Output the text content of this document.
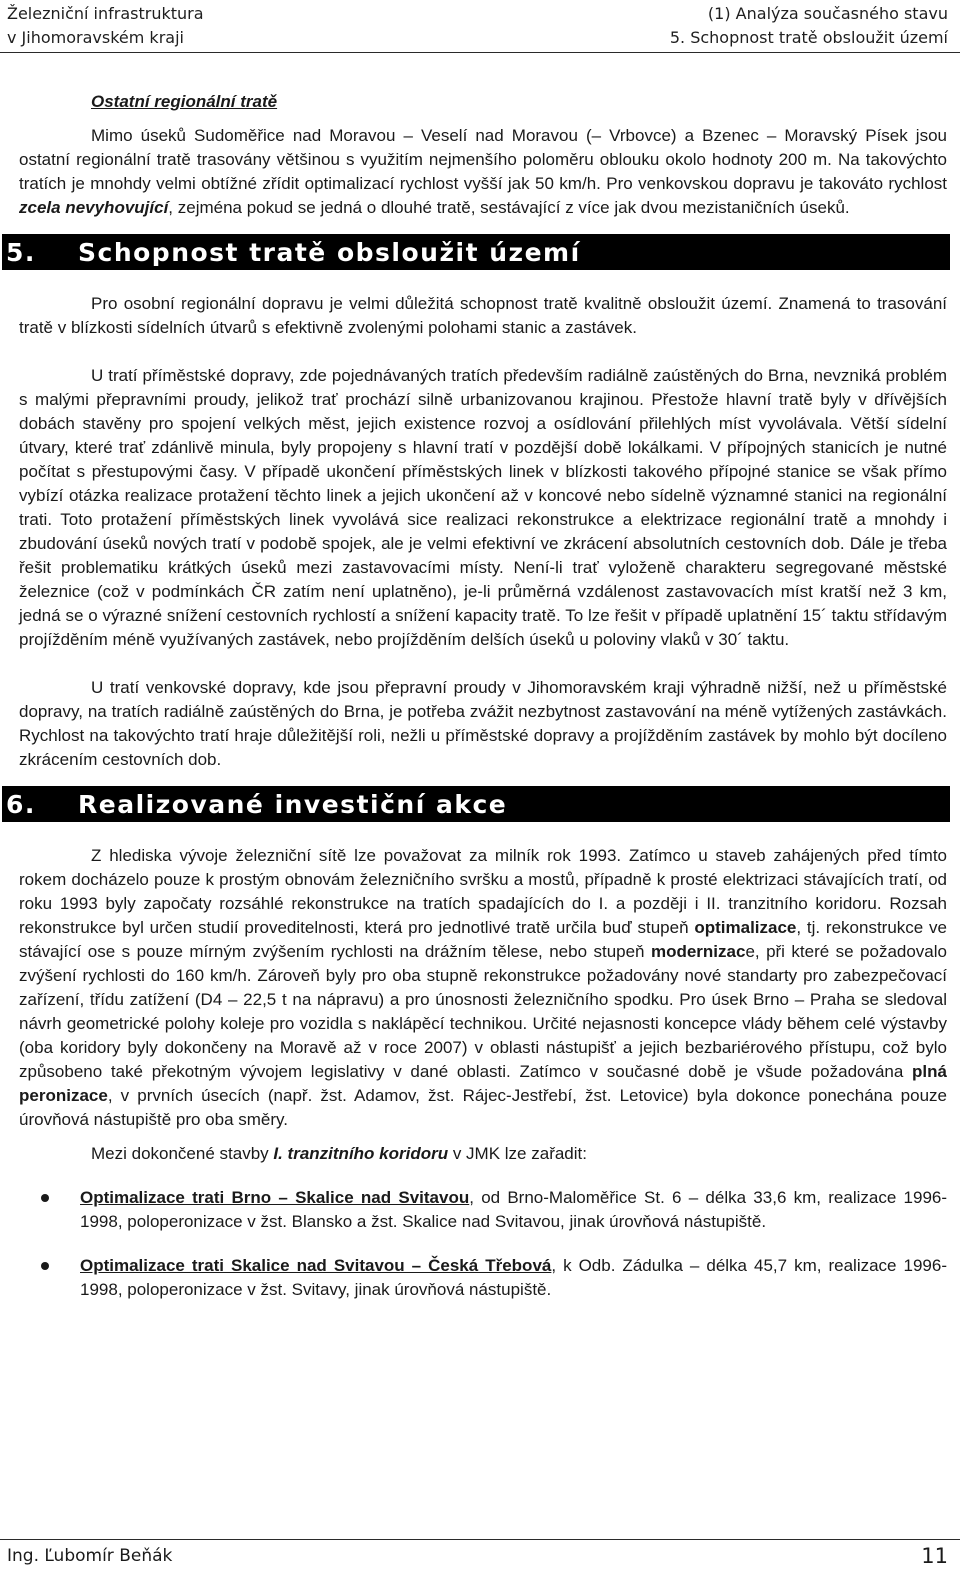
Železniční infrastruktura
v Jihomoravském kraji
(1) Analýza současného stavu
5. Schopnost tratě obsloužit území
Ostatní regionální tratě

Mimo úseků Sudoměřice nad Moravou – Veselí nad Moravou (– Vrbovce) a Bzenec – Moravský Písek jsou ostatní regionální tratě trasovány většinou s využitím nejmenšího poloměru oblouku okolo hodnoty 200 m. Na takovýchto tratích je mnohdy velmi obtížné zřídit optimalizací rychlost vyšší jak 50 km/h. Pro venkovskou dopravu je takováto rychlost zcela nevyhovující, zejména pokud se jedná o dlouhé tratě, sestávající z více jak dvou mezistaničních úseků.

5.	Schopnost tratě obsloužit území

Pro osobní regionální dopravu je velmi důležitá schopnost tratě kvalitně obsloužit území. Znamená to trasování tratě v blízkosti sídelních útvarů s efektivně zvolenými polohami stanic a zastávek.

U tratí příměstské dopravy, zde pojednávaných tratích především radiálně zaústěných do Brna, nevzniká problém s malými přepravními proudy, jelikož trať prochází silně urbanizovanou krajinou. Přestože hlavní tratě byly v dřívějších dobách stavěny pro spojení velkých měst, jejich existence rozvoj a osídlování přilehlých míst vyvolávala. Větší sídelní útvary, které trať zdánlivě minula, byly propojeny s hlavní tratí v pozdější době lokálkami. V přípojných stanicích je nutné počítat s přestupovými časy. V případě ukončení příměstských linek v blízkosti takového přípojné stanice se však přímo vybízí otázka realizace protažení těchto linek a jejich ukončení až v koncové nebo sídelně významné stanici na regionální trati. Toto protažení příměstských linek vyvolává sice realizaci rekonstrukce a elektrizace regionální tratě a mnohdy i zbudování úseků nových tratí v podobě spojek, ale je velmi efektivní ve zkrácení absolutních cestovních dob. Dále je třeba řešit problematiku krátkých úseků mezi zastavovacími místy. Není-li trať vyloženě charakteru segregované městské železnice (což v podmínkách ČR zatím není uplatněno), je-li průměrná vzdálenost zastavovacích míst kratší než 3 km, jedná se o výrazné snížení cestovních rychlostí a snížení kapacity tratě. To lze řešit v případě uplatnění 15´ taktu střídavým projížděním méně využívaných zastávek, nebo projížděním delších úseků u poloviny vlaků v 30´ taktu.

U tratí venkovské dopravy, kde jsou přepravní proudy v Jihomoravském kraji výhradně nižší, než u příměstské dopravy, na tratích radiálně zaústěných do Brna, je potřeba zvážit nezbytnost zastavování na méně vytížených zastávkách. Rychlost na takovýchto tratí hraje důležitější roli, nežli u příměstské dopravy a projížděním zastávek by mohlo být docíleno zkrácením cestovních dob.

6.	Realizované investiční akce

Z hlediska vývoje železniční sítě lze považovat za milník rok 1993. Zatímco u staveb zahájených před tímto rokem docházelo pouze k prostým obnovám železničního svršku a mostů, případně k prosté elektrizaci stávajících tratí, od roku 1993 byly započaty rozsáhlé rekonstrukce na tratích spadajících do I. a později i II. tranzitního koridoru. Rozsah rekonstrukce byl určen studií proveditelnosti, která pro jednotlivé tratě určila buď stupeň optimalizace, tj. rekonstrukce ve stávající ose s pouze mírným zvýšením rychlosti na drážním tělese, nebo stupeň modernizace, při které se požadovalo zvýšení rychlosti do 160 km/h. Zároveň byly pro oba stupně rekonstrukce požadovány nové standarty pro zabezpečovací zařízení, třídu zatížení (D4 – 22,5 t na nápravu) a pro únosnosti železničního spodku. Pro úsek Brno – Praha se sledoval návrh geometrické polohy koleje pro vozidla s naklápěcí technikou. Určité nejasnosti koncepce vlády během celé výstavby (oba koridory byly dokončeny na Moravě až v roce 2007) v oblasti nástupišť a jejich bezbariérového přístupu, což bylo způsobeno také překotným vývojem legislativy v dané oblasti. Zatímco v současné době je všude požadována plná peronizace, v prvních úsecích (např. žst. Adamov, žst. Rájec-Jestřebí, žst. Letovice) byla dokonce ponechána pouze úrovňová nástupiště pro oba směry.

Mezi dokončené stavby I. tranzitního koridoru v JMK lze zařadit:

Optimalizace trati Brno – Skalice nad Svitavou, od Brno-Maloměřice St. 6 – délka 33,6 km, realizace 1996-1998, poloperonizace v žst. Blansko a žst. Skalice nad Svitavou, jinak úrovňová nástupiště.
Optimalizace trati Skalice nad Svitavou – Česká Třebová, k Odb. Zádulka – délka 45,7 km, realizace 1996-1998, poloperonizace v žst. Svitavy, jinak úrovňová nástupiště.
Ing. Ľubomír Beňák	11
